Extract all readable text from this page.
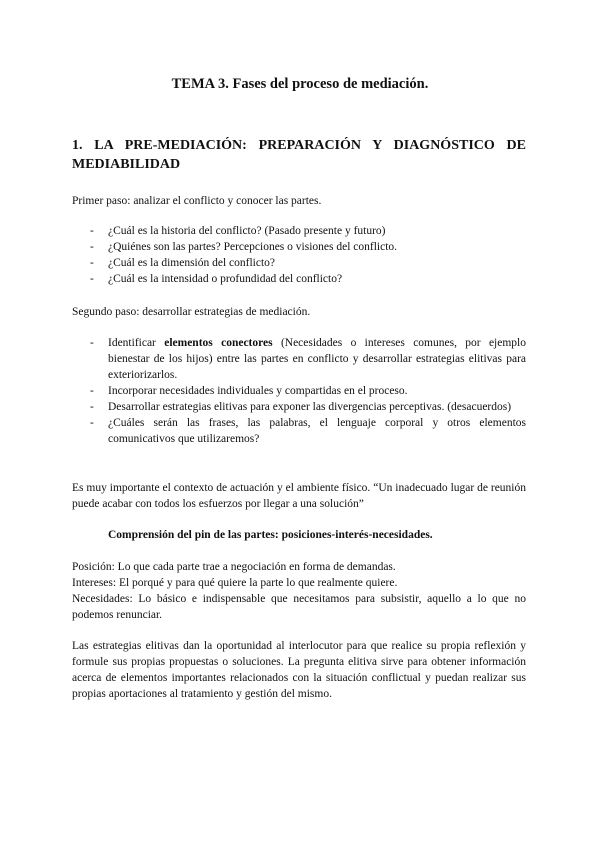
TEMA 3. Fases del proceso de mediación.
1. LA PRE-MEDIACIÓN: PREPARACIÓN Y DIAGNÓSTICO DE
MEDIABILIDAD
Primer paso: analizar el conflicto y conocer las partes.
- ¿Cuál es la historia del conflicto? (Pasado presente y futuro)
- ¿Quiénes son las partes? Percepciones o visiones del conflicto.
- ¿Cuál es la dimensión del conflicto?
- ¿Cuál es la intensidad o profundidad del conflicto?
Segundo paso: desarrollar estrategias de mediación.
- Identificar elementos conectores (Necesidades o intereses comunes, por ejemplo bienestar de los hijos) entre las partes en conflicto y desarrollar estrategias elitivas para exteriorizarlos.
- Incorporar necesidades individuales y compartidas en el proceso.
- Desarrollar estrategias elitivas para exponer las divergencias perceptivas. (desacuerdos)
- ¿Cuáles serán las frases, las palabras, el lenguaje corporal y otros elementos comunicativos que utilizaremos?
Es muy importante el contexto de actuación y el ambiente físico. “Un inadecuado lugar de reunión puede acabar con todos los esfuerzos por llegar a una solución”
Comprensión del pin de las partes: posiciones-interés-necesidades.
Posición: Lo que cada parte trae a negociación en forma de demandas.
Intereses: El porqué y para qué quiere la parte lo que realmente quiere.
Necesidades: Lo básico e indispensable que necesitamos para subsistir, aquello a lo que no podemos renunciar.
Las estrategias elitivas dan la oportunidad al interlocutor para que realice su propia reflexión y formule sus propias propuestas o soluciones. La pregunta elitiva sirve para obtener información acerca de elementos importantes relacionados con la situación conflictual y puedan realizar sus propias aportaciones al tratamiento y gestión del mismo.
